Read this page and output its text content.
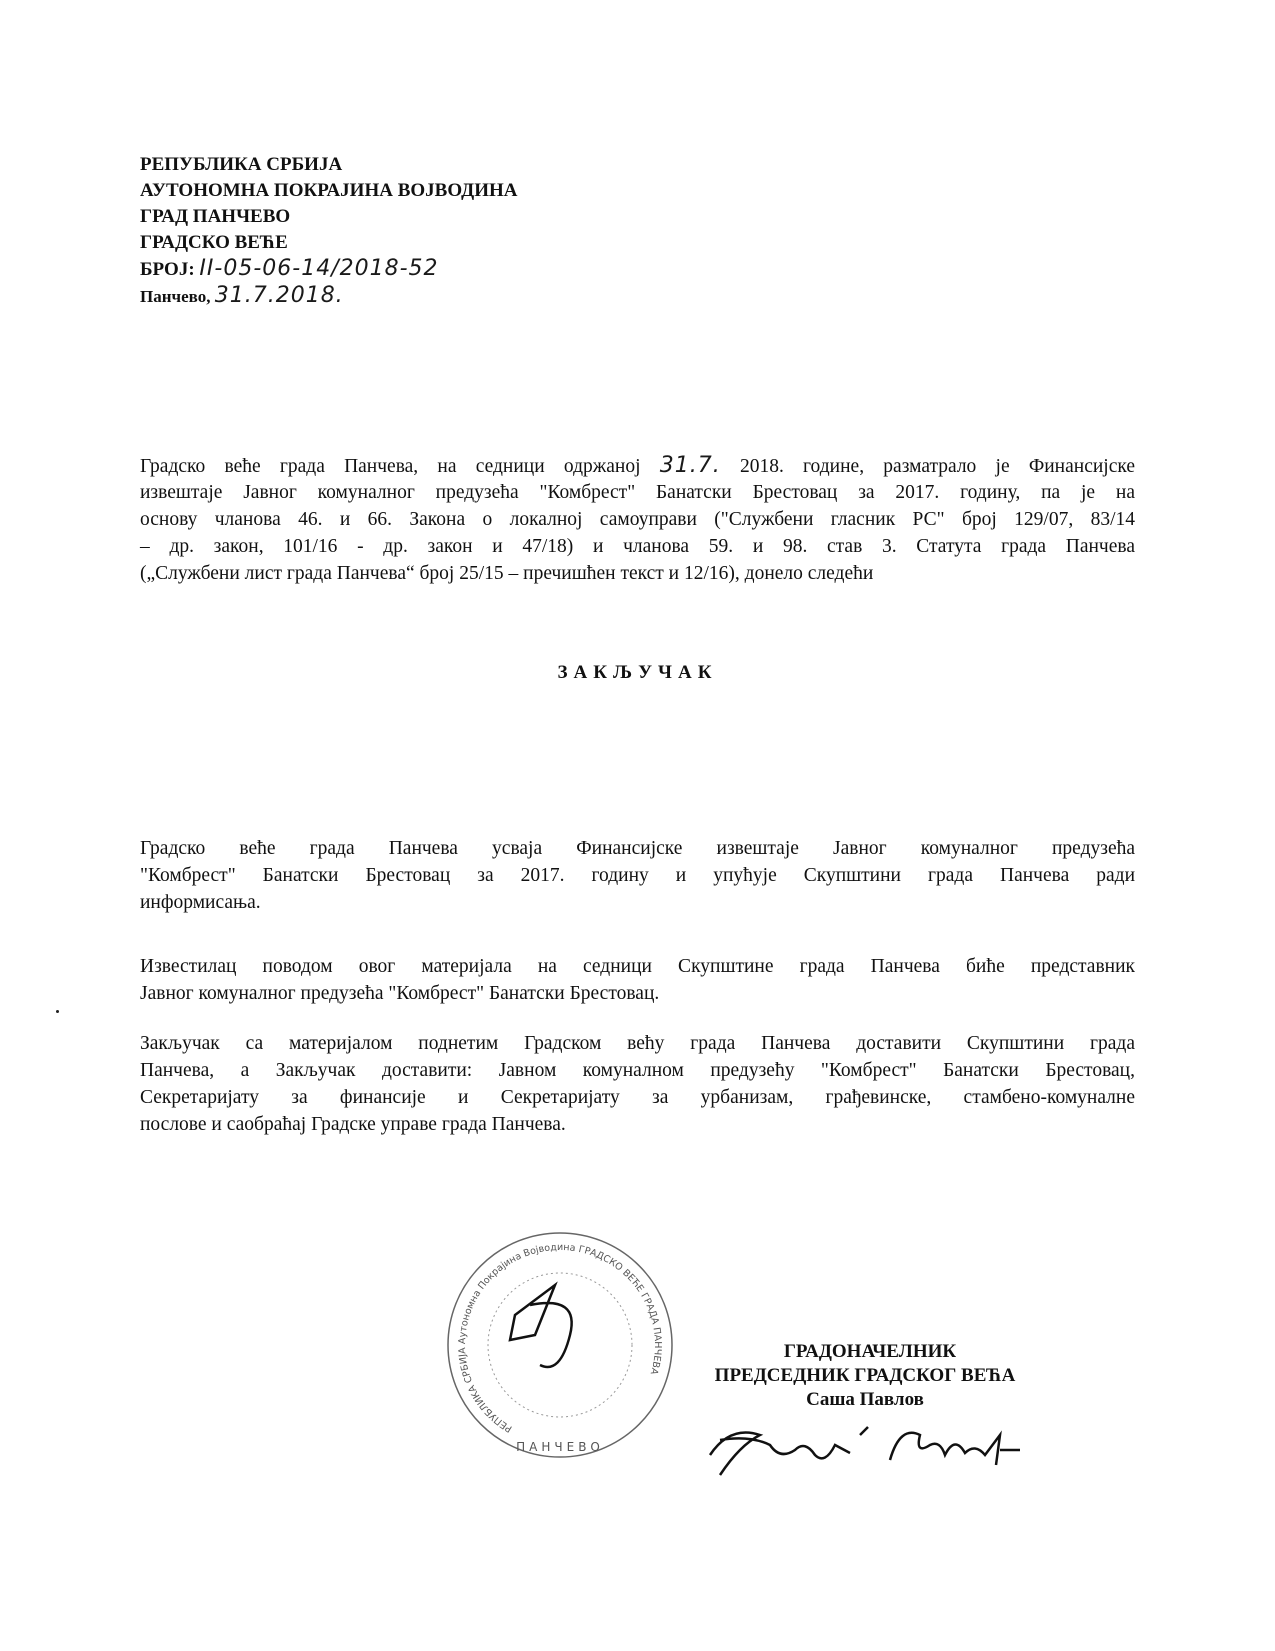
РЕПУБЛИКА СРБИЈА
АУТОНОМНА ПОКРАЈИНА ВОЈВОДИНА
ГРАД ПАНЧЕВО
ГРАДСКО ВЕЋЕ
БРОЈ: II-05-06-14/2018-52
Панчево, 31.7.2018.
Градско веће града Панчева, на седници одржаној 31.7. 2018. године, разматрало је Финансијске
извештаје Јавног комуналног предузећа "Комбрест" Банатски Брестовац за 2017. годину, па је на
основу чланова 46. и 66. Закона о локалној самоуправи ("Службени гласник РС" број 129/07, 83/14
– др. закон, 101/16 - др. закон и 47/18) и чланова 59. и 98. став 3. Статута града Панчева
(„Службени лист града Панчева“ број 25/15 – пречишћен текст и 12/16), донело следећи
ЗАКЉУЧАК
Градско веће града Панчева усваја Финансијске извештаје Јавног комуналног предузећа
"Комбрест" Банатски Брестовац за 2017. годину и упућује Скупштини града Панчева ради
информисања.
Известилац поводом овог материјала на седници Скупштине града Панчева биће представник
Јавног комуналног предузећа "Комбрест" Банатски Брестовац.
Закључак са материјалом поднетим Градском већу града Панчева доставити Скупштини града
Панчева, а Закључак доставити: Јавном комуналном предузећу "Комбрест" Банатски Брестовац,
Секретаријату за финансије и Секретаријату за урбанизам, грађевинске, стамбено-комуналне
послове и саобраћај Градске управе града Панчева.
РЕПУБЛИКА СРБИЈА Аутономна Покрајина Војводина ГРАДСКО ВЕЋЕ ГРАДА ПАНЧЕВА
ПАНЧЕВО
ГРАДОНАЧЕЛНИК
ПРЕДСЕДНИК ГРАДСКОГ ВЕЋА
Саша Павлов
